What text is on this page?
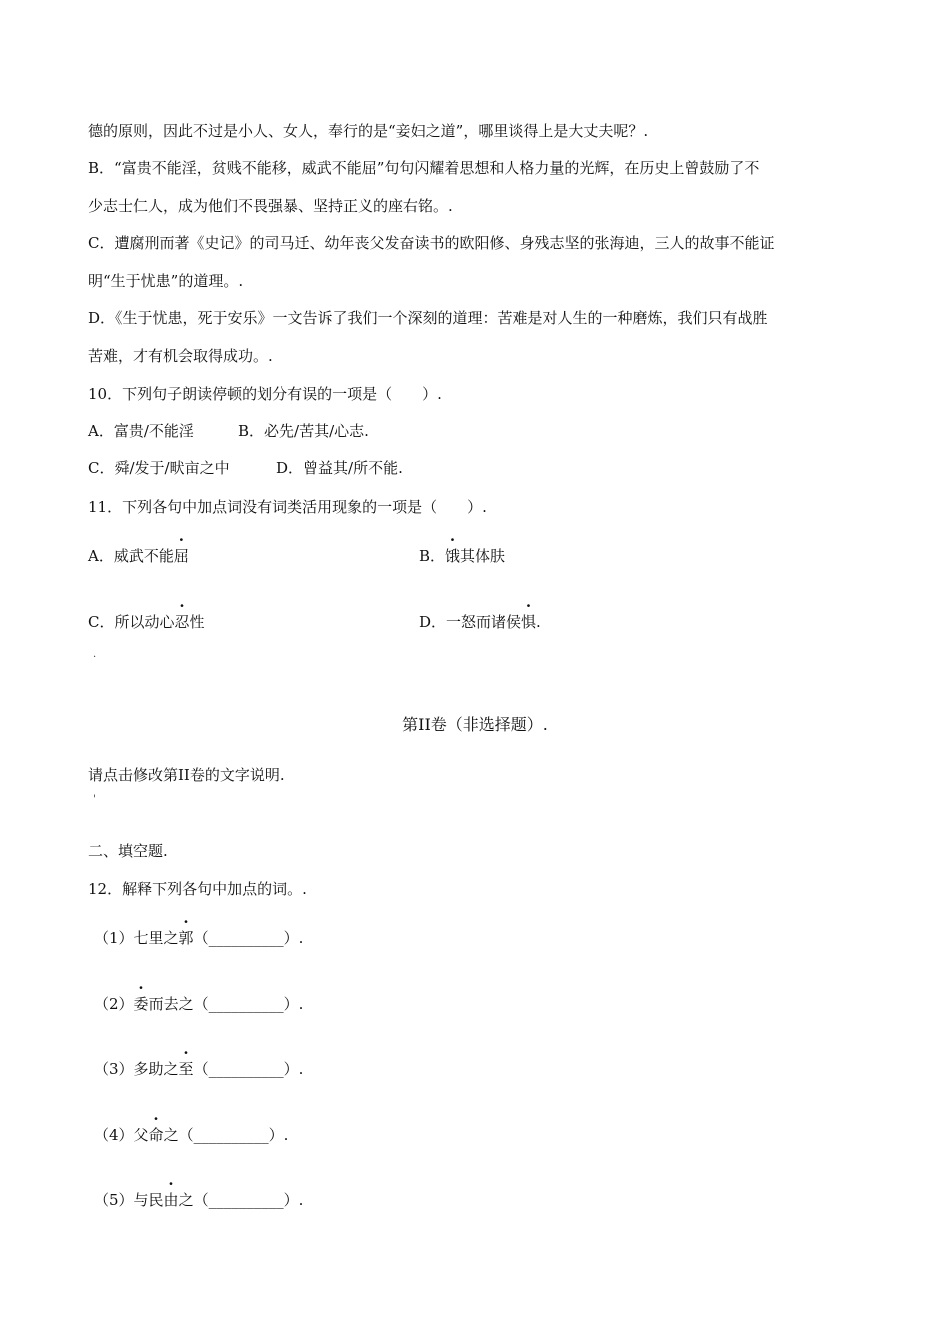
德的原则，因此不过是小人、女人，奉行的是“妾妇之道”，哪里谈得上是大丈夫呢？.
B．“富贵不能淫，贫贱不能移，威武不能屈”句句闪耀着思想和人格力量的光辉，在历史上曾鼓励了不
少志士仁人，成为他们不畏强暴、坚持正义的座右铭。.
C．遭腐刑而著《史记》的司马迁、幼年丧父发奋读书的欧阳修、身残志坚的张海迪，三人的故事不能证
明“生于忧患”的道理。.
D．《生于忧患，死于安乐》一文告诉了我们一个深刻的道理：苦难是对人生的一种磨炼，我们只有战胜
苦难，才有机会取得成功。.
10．下列句子朗读停顿的划分有误的一项是（　　）.
A．富贵/不能淫	B．必先/苦其/心志.
C．舜/发于/畎亩之中	D．曾益其/所不能.
11．下列各句中加点词没有词类活用现象的一项是（　　）.
A．威武不能屈	B．饿其体肤
C．所以动心忍性	D．一怒而诸侯惧.
.
第II卷（非选择题）.
请点击修改第II卷的文字说明.
'
二、填空题.
12．解释下列各句中加点的词。.
（1）七里之郭（__________）.
（2）委而去之（__________）.
（3）多助之至（__________）.
（4）父命之（__________）.
（5）与民由之（__________）.
